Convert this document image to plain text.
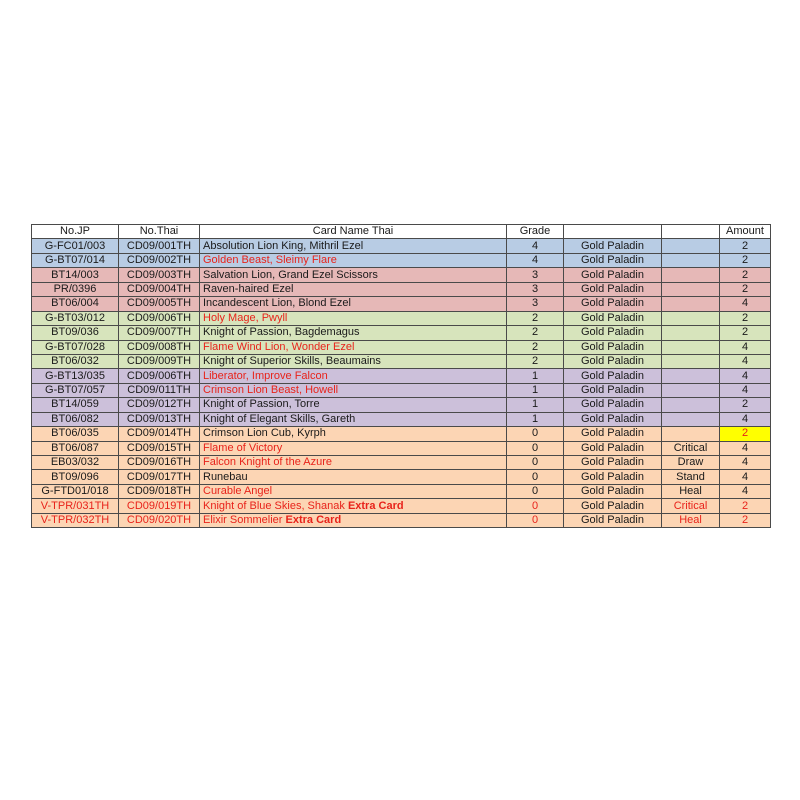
No.JP	No.Thai	Card Name Thai	Grade			Amount
G-FC01/003	CD09/001TH	Absolution Lion King, Mithril Ezel	4	Gold Paladin		2
G-BT07/014	CD09/002TH	Golden Beast, Sleimy Flare	4	Gold Paladin		2
BT14/003	CD09/003TH	Salvation Lion, Grand Ezel Scissors	3	Gold Paladin		2
PR/0396	CD09/004TH	Raven-haired Ezel	3	Gold Paladin		2
BT06/004	CD09/005TH	Incandescent Lion, Blond Ezel	3	Gold Paladin		4
G-BT03/012	CD09/006TH	Holy Mage, Pwyll	2	Gold Paladin		2
BT09/036	CD09/007TH	Knight of Passion, Bagdemagus	2	Gold Paladin		2
G-BT07/028	CD09/008TH	Flame Wind Lion, Wonder Ezel	2	Gold Paladin		4
BT06/032	CD09/009TH	Knight of Superior Skills, Beaumains	2	Gold Paladin		4
G-BT13/035	CD09/006TH	Liberator, Improve Falcon	1	Gold Paladin		4
G-BT07/057	CD09/011TH	Crimson Lion Beast, Howell	1	Gold Paladin		4
BT14/059	CD09/012TH	Knight of Passion, Torre	1	Gold Paladin		2
BT06/082	CD09/013TH	Knight of Elegant Skills, Gareth	1	Gold Paladin		4
BT06/035	CD09/014TH	Crimson Lion Cub, Kyrph	0	Gold Paladin		2
BT06/087	CD09/015TH	Flame of Victory	0	Gold Paladin	Critical	4
EB03/032	CD09/016TH	Falcon Knight of the Azure	0	Gold Paladin	Draw	4
BT09/096	CD09/017TH	Runebau	0	Gold Paladin	Stand	4
G-FTD01/018	CD09/018TH	Curable Angel	0	Gold Paladin	Heal	4
V-TPR/031TH	CD09/019TH	Knight of Blue Skies, Shanak Extra Card	0	Gold Paladin	Critical	2
V-TPR/032TH	CD09/020TH	Elixir Sommelier Extra Card	0	Gold Paladin	Heal	2
